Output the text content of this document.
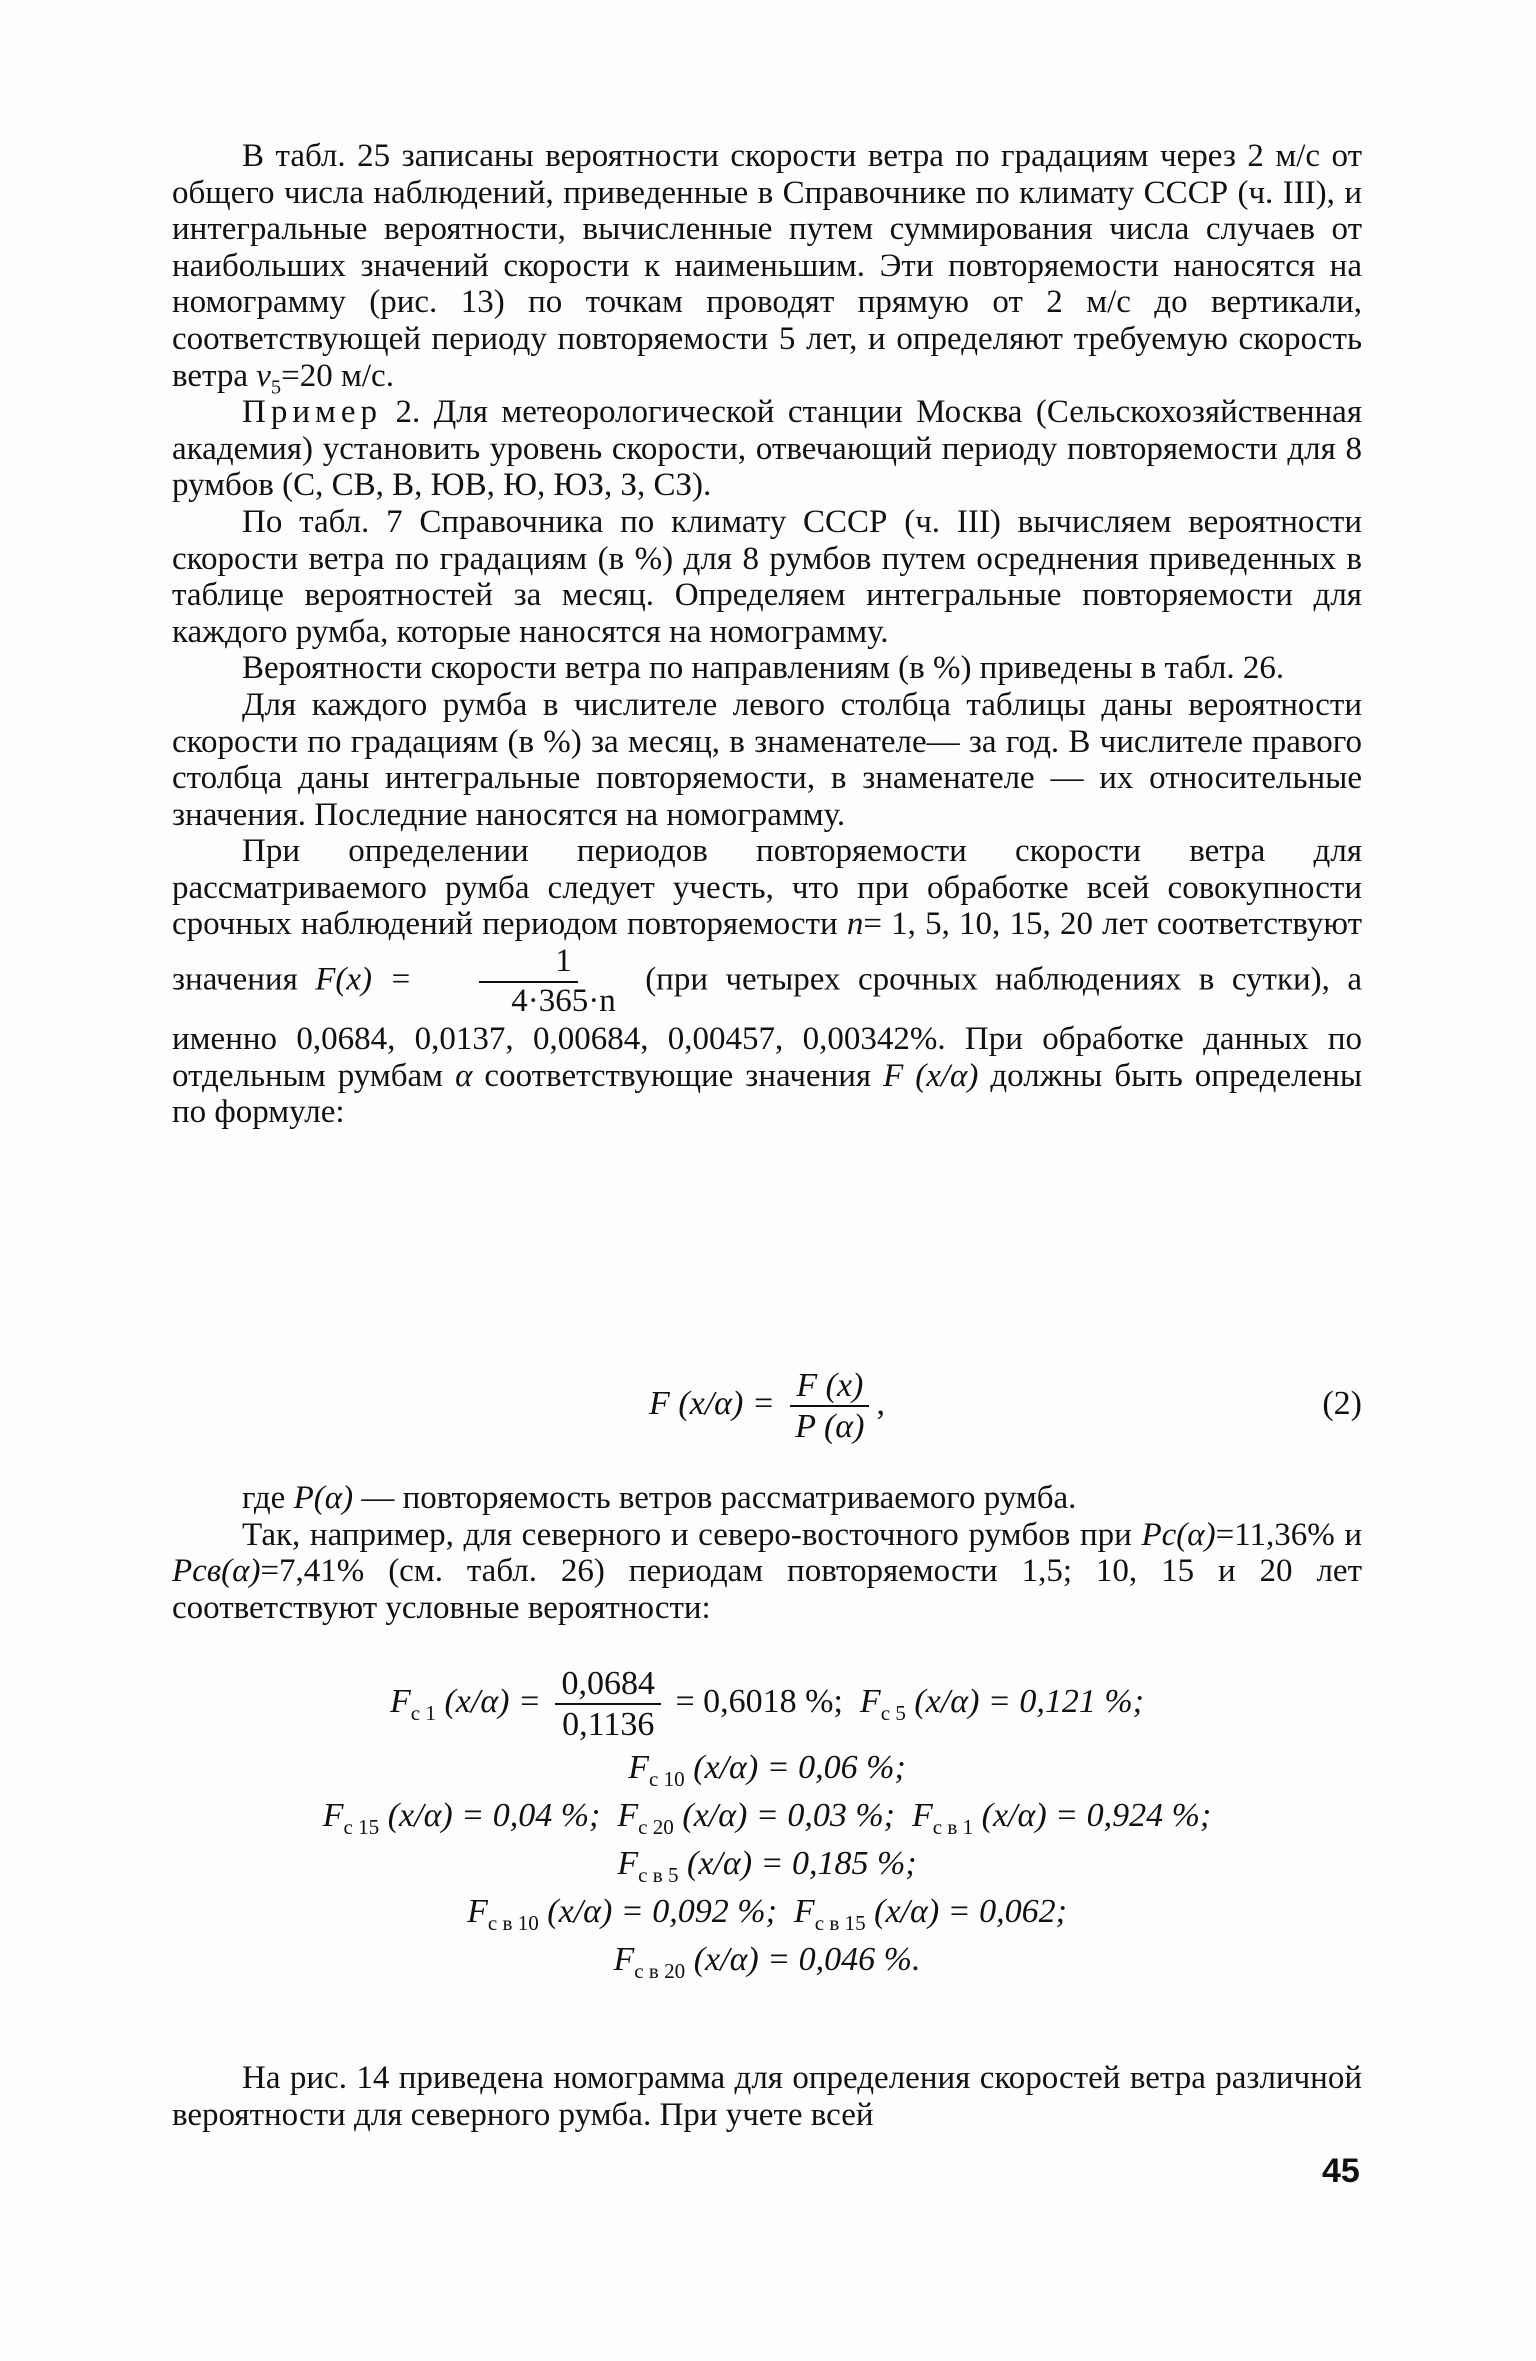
В табл. 25 записаны вероятности скорости ветра по градациям через 2 м/с от общего числа наблюдений, приведенные в Справочнике по климату СССР (ч. III), и интегральные вероятности, вычисленные путем суммирования числа случаев от наибольших значений скорости к наименьшим. Эти повторяемости наносятся на номограмму (рис. 13) по точкам проводят прямую от 2 м/с до вертикали, соответствующей периоду повторяемости 5 лет, и определяют требуемую скорость ветра $v_5=20$ м/с.

Пример 2. Для метеорологической станции Москва (Сельскохозяйственная академия) установить уровень скорости, отвечающий периоду повторяемости для 8 румбов (С, СВ, В, ЮВ, Ю, ЮЗ, З, СЗ).

По табл. 7 Справочника по климату СССР (ч. III) вычисляем вероятности скорости ветра по градациям (в %) для 8 румбов путем осреднения приведенных в таблице вероятностей за месяц. Определяем интегральные повторяемости для каждого румба, которые наносятся на номограмму.

Вероятности скорости ветра по направлениям (в %) приведены в табл. 26.

Для каждого румба в числителе левого столбца таблицы даны вероятности скорости по градациям (в %) за месяц, в знаменателе— за год. В числителе правого столбца даны интегральные повторяемости, в знаменателе — их относительные значения. Последние наносятся на номограмму.

При определении периодов повторяемости скорости ветра для рассматриваемого румба следует учесть, что при обработке всей совокупности срочных наблюдений периодом повторяемости n= 1, 5, 10, 15, 20 лет соответствуют значения $F(x) = \frac{1}{4\cdot 365\cdot n} (при$ четырех срочных наблюдениях в сутки), а именно 0,0684, 0,0137, 0,00684, 0,00457, 0,00342%. При обработке данных по отдельным румбам α соответствующие значения F (x/α) должны быть определены по формуле:

F $(x/\alpha) = \frac{F (x)}{P (\alpha)}$ ,	(2)

где P(α) — повторяемость ветров рассматриваемого румба.

Так, например, для северного и северо-восточного румбов при Pс(α)=11,36% и Pсв(α)=7,41% (см. табл. 26) периодам повторяемости 1,5; 10, 15 и 20 лет соответствуют условные вероятности:

$F_{с 1}$ $(x/\alpha) = \frac{0,0684}{0,1136} = 0,6018$ %; $F_{с 5}$ (x/α) = 0,121 %;
$F_{с 10}$ (x/α) = 0,06 %;
$F_{с 15}$ (x/α) = 0,04 %; $F_{с 20}$ (x/α) = 0,03 %; $F_{с в 1}$ (x/α) = 0,924 %;
$F_{с в 5}$ (x/α) = 0,185 %;
$F_{с в 10}$ (x/α) = 0,092 %; $F_{с в 15}$ (x/α) = 0,062;
$F_{с в 20}$ (x/α) = 0,046 %.

На рис. 14 приведена номограмма для определения скоростей ветра различной вероятности для северного румба. При учете всей

45
